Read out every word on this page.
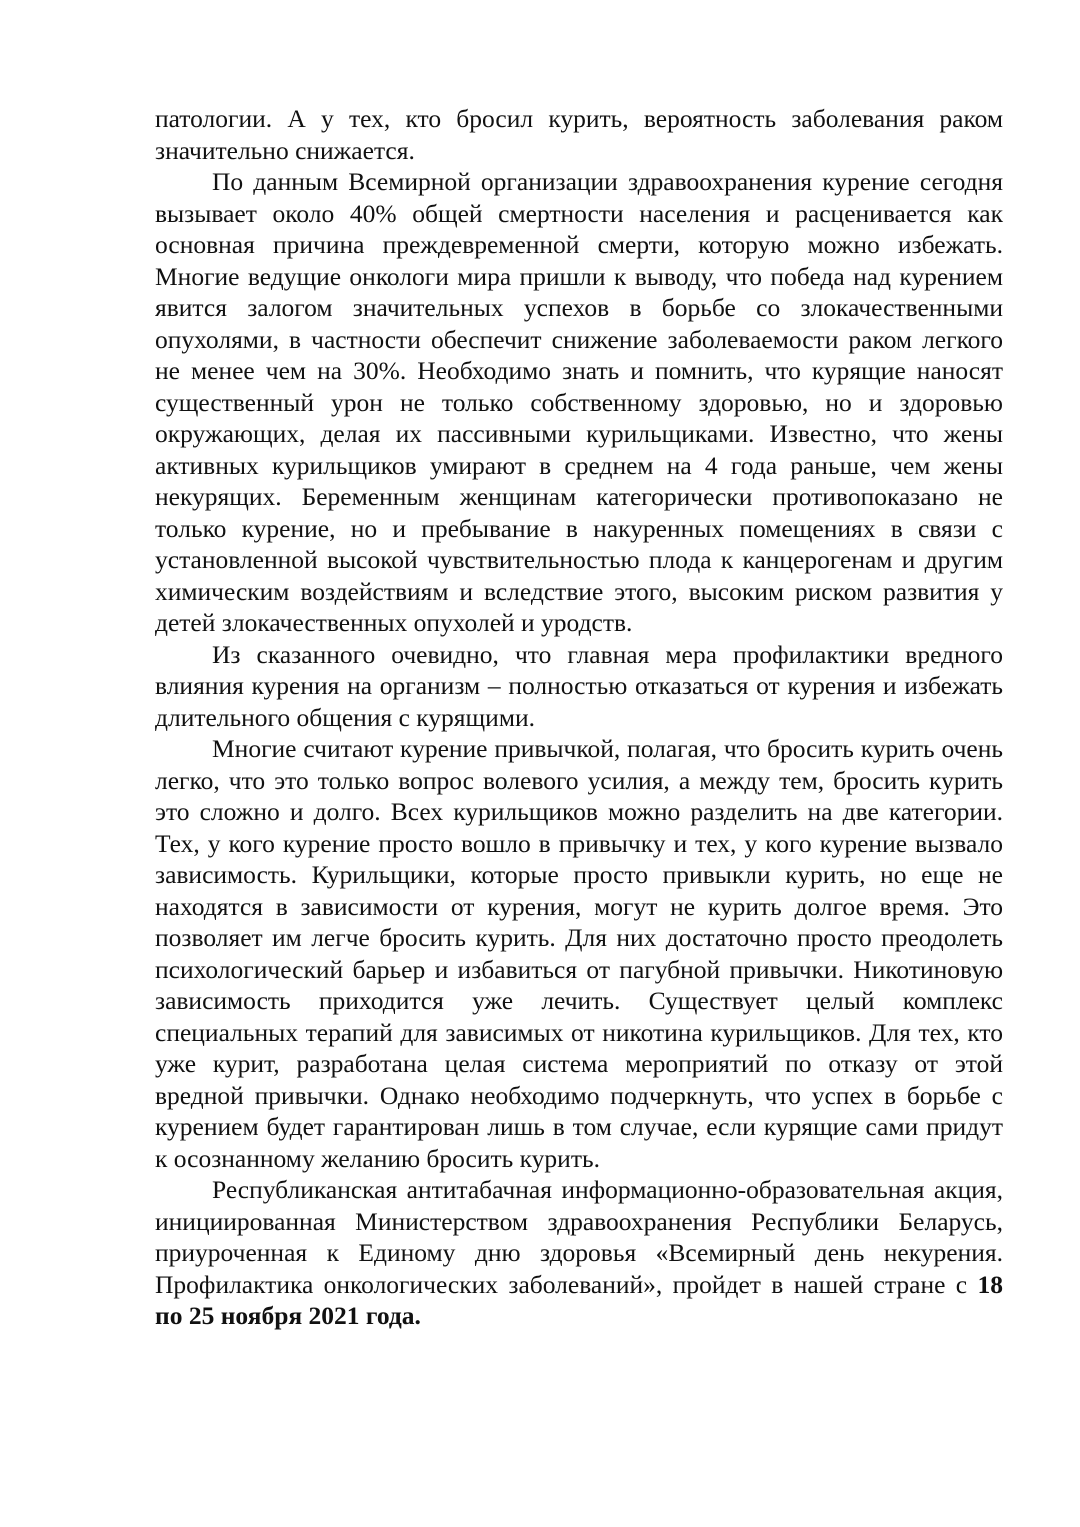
патологии. А у тех, кто бросил курить, вероятность заболевания раком значительно снижается.

По данным Всемирной организации здравоохранения курение сегодня вызывает около 40% общей смертности населения и расценивается как основная причина преждевременной смерти, которую можно избежать. Многие ведущие онкологи мира пришли к выводу, что победа над курением явится залогом значительных успехов в борьбе со злокачественными опухолями, в частности обеспечит снижение заболеваемости раком легкого не менее чем на 30%. Необходимо знать и помнить, что курящие наносят существенный урон не только собственному здоровью, но и здоровью окружающих, делая их пассивными курильщиками. Известно, что жены активных курильщиков умирают в среднем на 4 года раньше, чем жены некурящих. Беременным женщинам категорически противопоказано не только курение, но и пребывание в накуренных помещениях в связи с установленной высокой чувствительностью плода к канцерогенам и другим химическим воздействиям и вследствие этого, высоким риском развития у детей злокачественных опухолей и уродств.

Из сказанного очевидно, что главная мера профилактики вредного влияния курения на организм – полностью отказаться от курения и избежать длительного общения с курящими.

Многие считают курение привычкой, полагая, что бросить курить очень легко, что это только вопрос волевого усилия, а между тем, бросить курить это сложно и долго. Всех курильщиков можно разделить на две категории. Тех, у кого курение просто вошло в привычку и тех, у кого курение вызвало зависимость. Курильщики, которые просто привыкли курить, но еще не находятся в зависимости от курения, могут не курить долгое время. Это позволяет им легче бросить курить. Для них достаточно просто преодолеть психологический барьер и избавиться от пагубной привычки. Никотиновую зависимость приходится уже лечить. Существует целый комплекс специальных терапий для зависимых от никотина курильщиков. Для тех, кто уже курит, разработана целая система мероприятий по отказу от этой вредной привычки. Однако необходимо подчеркнуть, что успех в борьбе с курением будет гарантирован лишь в том случае, если курящие сами придут к осознанному желанию бросить курить.

Республиканская антитабачная информационно-образовательная акция, инициированная Министерством здравоохранения Республики Беларусь, приуроченная к Единому дню здоровья «Всемирный день некурения. Профилактика онкологических заболеваний», пройдет в нашей стране с 18 по 25 ноября 2021 года.
